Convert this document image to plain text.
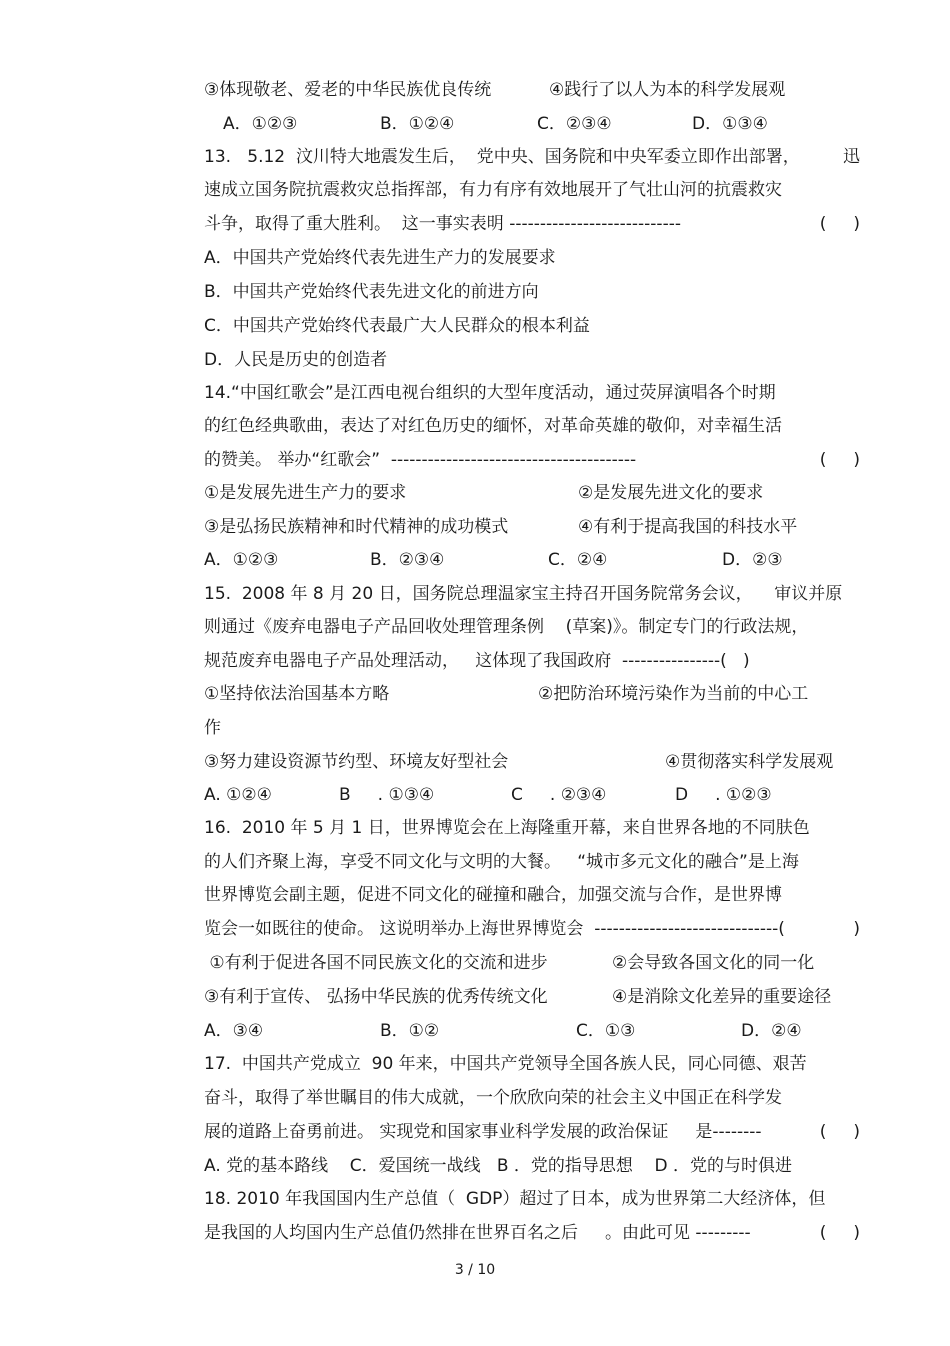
③体现敬老、爱老的中华民族优良传统	④践行了以人为本的科学发展观
A．①②③	B．①②④	C．②③④	D．①③④
13.   5.12  汶川特大地震发生后，  党中央、国务院和中央军委立即作出部署，	迅
速成立国务院抗震救灾总指挥部，有力有序有效地展开了气壮山河的抗震救灾
斗争，取得了重大胜利。  这一事实表明 ----------------------------	(     )
A．中国共产党始终代表先进生产力的发展要求
B．中国共产党始终代表先进文化的前进方向
C．中国共产党始终代表最广大人民群众的根本利益
D．人民是历史的创造者
14.“中国红歌会”是江西电视台组织的大型年度活动，通过荧屏演唱各个时期
的红色经典歌曲，表达了对红色历史的缅怀，对革命英雄的敬仰，对幸福生活
的赞美。 举办“红歌会”  ----------------------------------------	(     )
①是发展先进生产力的要求	②是发展先进文化的要求
③是弘扬民族精神和时代精神的成功模式	④有利于提高我国的科技水平
A．①②③	B．②③④	C．②④	D．②③
15.  2008 年 8 月 20 日，国务院总理温家宝主持召开国务院常务会议，    审议并原
则通过《废弃电器电子产品回收处理管理条例    (草案)》。制定专门的行政法规，
规范废弃电器电子产品处理活动，   这体现了我国政府  ----------------(   )
①坚持依法治国基本方略	②把防治环境污染作为当前的中心工
作
③努力建设资源节约型、环境友好型社会	④贯彻落实科学发展观
A. ①②④	B     . ①③④	C     . ②③④	D     . ①②③
16.  2010 年 5 月 1 日，世界博览会在上海隆重开幕，来自世界各地的不同肤色
的人们齐聚上海，享受不同文化与文明的大餐。   “城市多元文化的融合”是上海
世界博览会副主题，促进不同文化的碰撞和融合，加强交流与合作，是世界博
览会一如既往的使命。 这说明举办上海世界博览会  ------------------------------(	)
①有利于促进各国不同民族文化的交流和进步	②会导致各国文化的同一化
③有利于宣传、 弘扬中华民族的优秀传统文化	④是消除文化差异的重要途径
A．③④	B．①②	C．①③	D．②④
17.  中国共产党成立  90 年来，中国共产党领导全国各族人民，同心同德、艰苦
奋斗，取得了举世瞩目的伟大成就，一个欣欣向荣的社会主义中国正在科学发
展的道路上奋勇前进。 实现党和国家事业科学发展的政治保证     是--------	(     )
A. 党的基本路线    C．爱国统一战线   B ．党的指导思想    D ．党的与时俱进
18. 2010 年我国国内生产总值（  GDP）超过了日本，成为世界第二大经济体，但
是我国的人均国内生产总值仍然排在世界百名之后     。由此可见 ---------	(     )
3 / 10
